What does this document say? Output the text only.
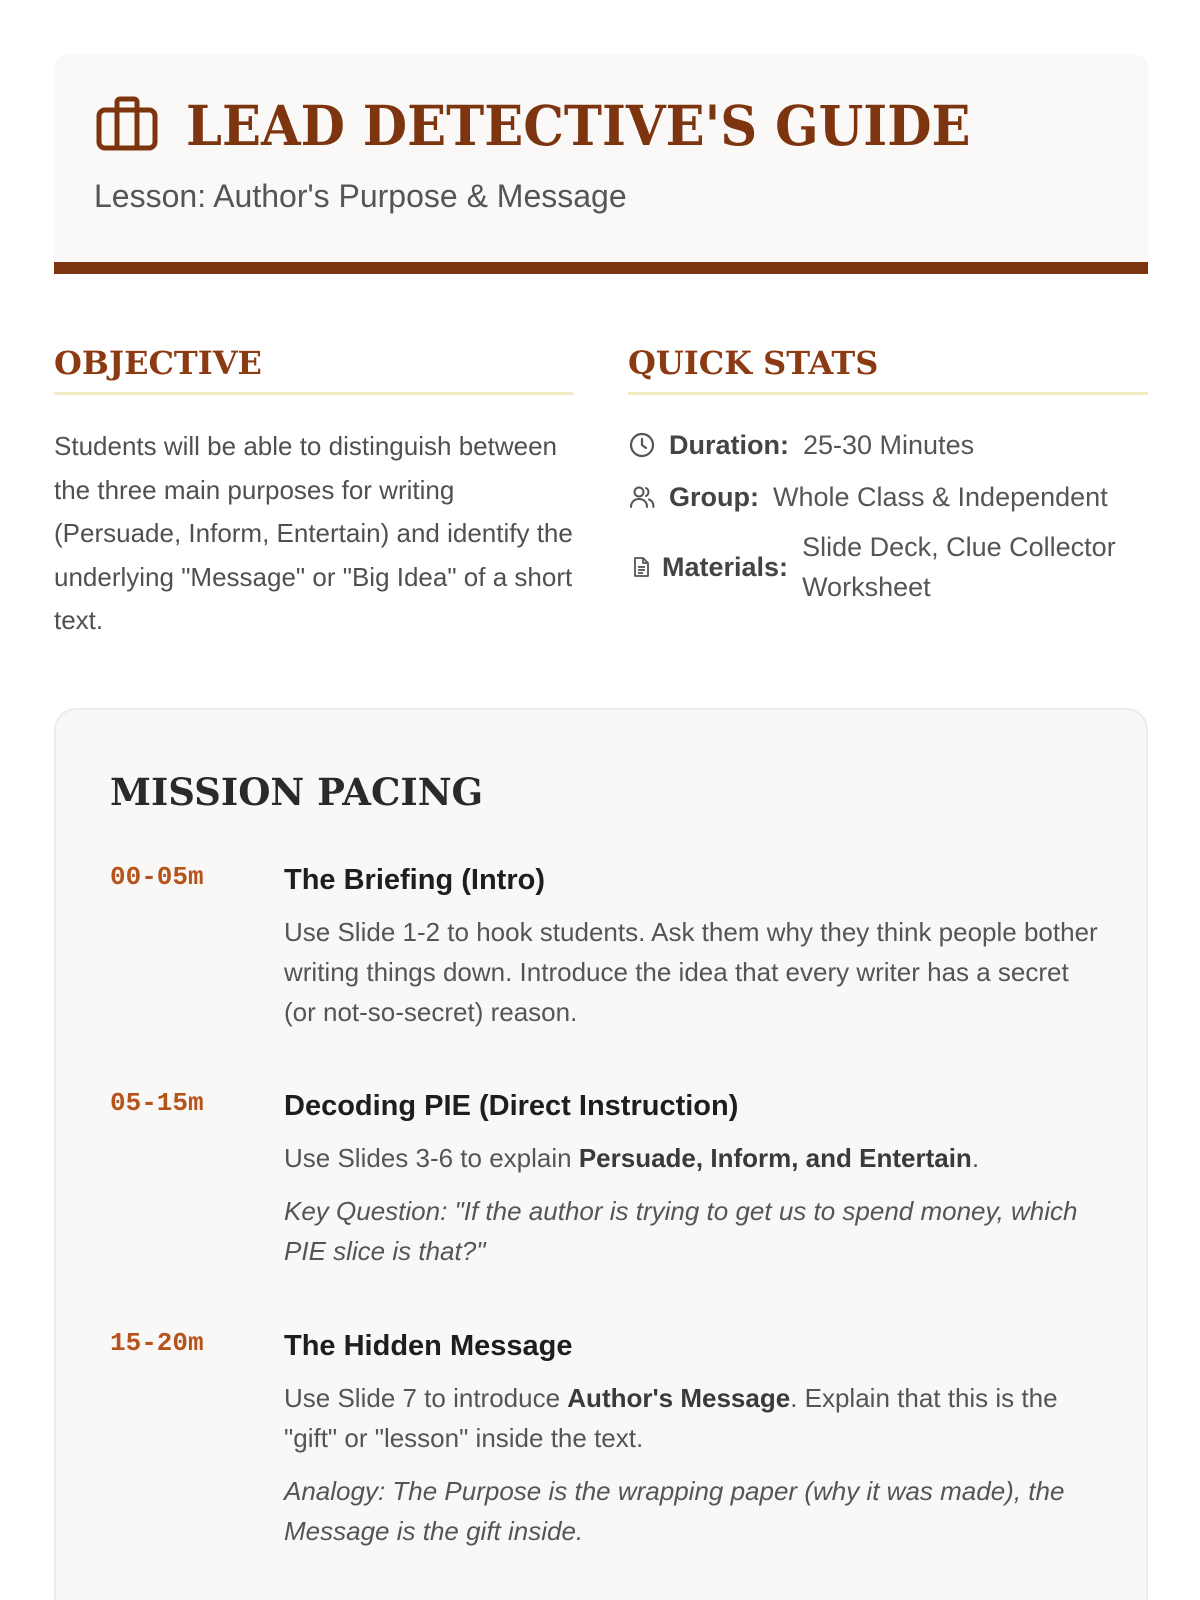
LEAD DETECTIVE'S GUIDE
Lesson: Author's Purpose & Message
OBJECTIVE

Students will be able to distinguish between the three main purposes for writing (Persuade, Inform, Entertain) and identify the underlying "Message" or "Big Idea" of a short text.

QUICK STATS
Duration: 25-30 Minutes
Group: Whole Class & Independent
Materials:
Slide Deck, Clue Collector Worksheet
MISSION PACING
00-05m	The Briefing (Intro)

Use Slide 1-2 to hook students. Ask them why they think people bother writing things down. Introduce the idea that every writer has a secret (or not-so-secret) reason.

05-15m	Decoding PIE (Direct Instruction)

Use Slides 3-6 to explain Persuade, Inform, and Entertain.

Key Question: "If the author is trying to get us to spend money, which PIE slice is that?"

15-20m	The Hidden Message

Use Slide 7 to introduce Author's Message. Explain that this is the "gift" or "lesson" inside the text.

Analogy: The Purpose is the wrapping paper (why it was made), the Message is the gift inside.
